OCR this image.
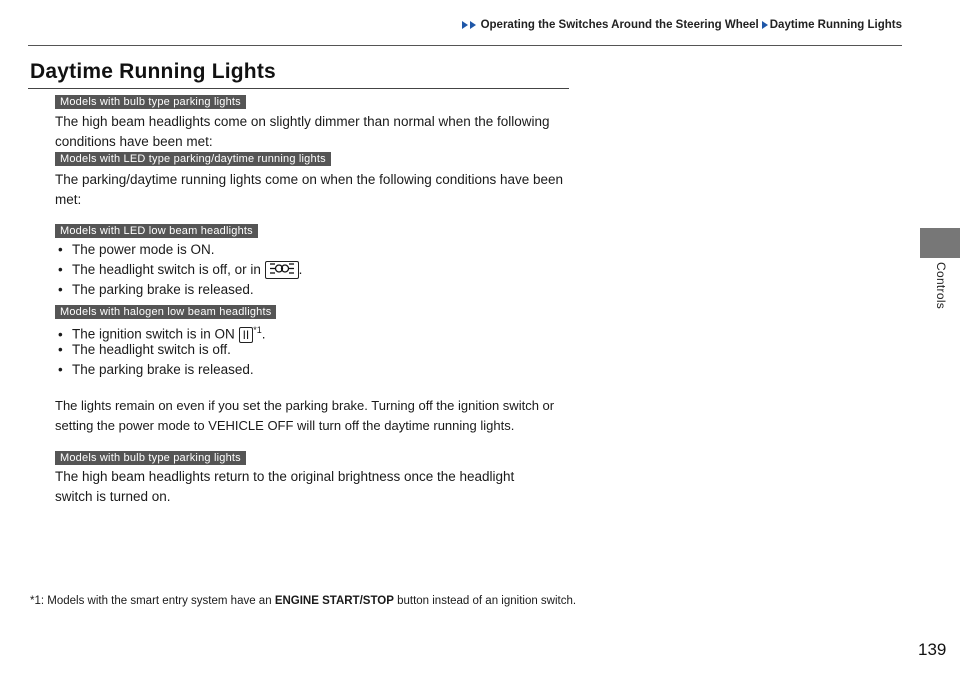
Operating the Switches Around the Steering Wheel Daytime Running Lights
Controls
Daytime Running Lights
Models with bulb type parking lights

The high beam headlights come on slightly dimmer than normal when the following conditions have been met:

Models with LED type parking/daytime running lights

The parking/daytime running lights come on when the following conditions have been met:

Models with LED low beam headlights
• The power mode is ON.
• The headlight switch is off, or in	.
• The parking brake is released.
Models with halogen low beam headlights
• The ignition switch is in ON II $^{*1}$.
• The headlight switch is off.
• The parking brake is released.

The lights remain on even if you set the parking brake. Turning off the ignition switch or setting the power mode to VEHICLE OFF will turn off the daytime running lights.

Models with bulb type parking lights

The high beam headlights return to the original brightness once the headlight switch is turned on.

*1: Models with the smart entry system have an ENGINE START/STOP button instead of an ignition switch.

139
